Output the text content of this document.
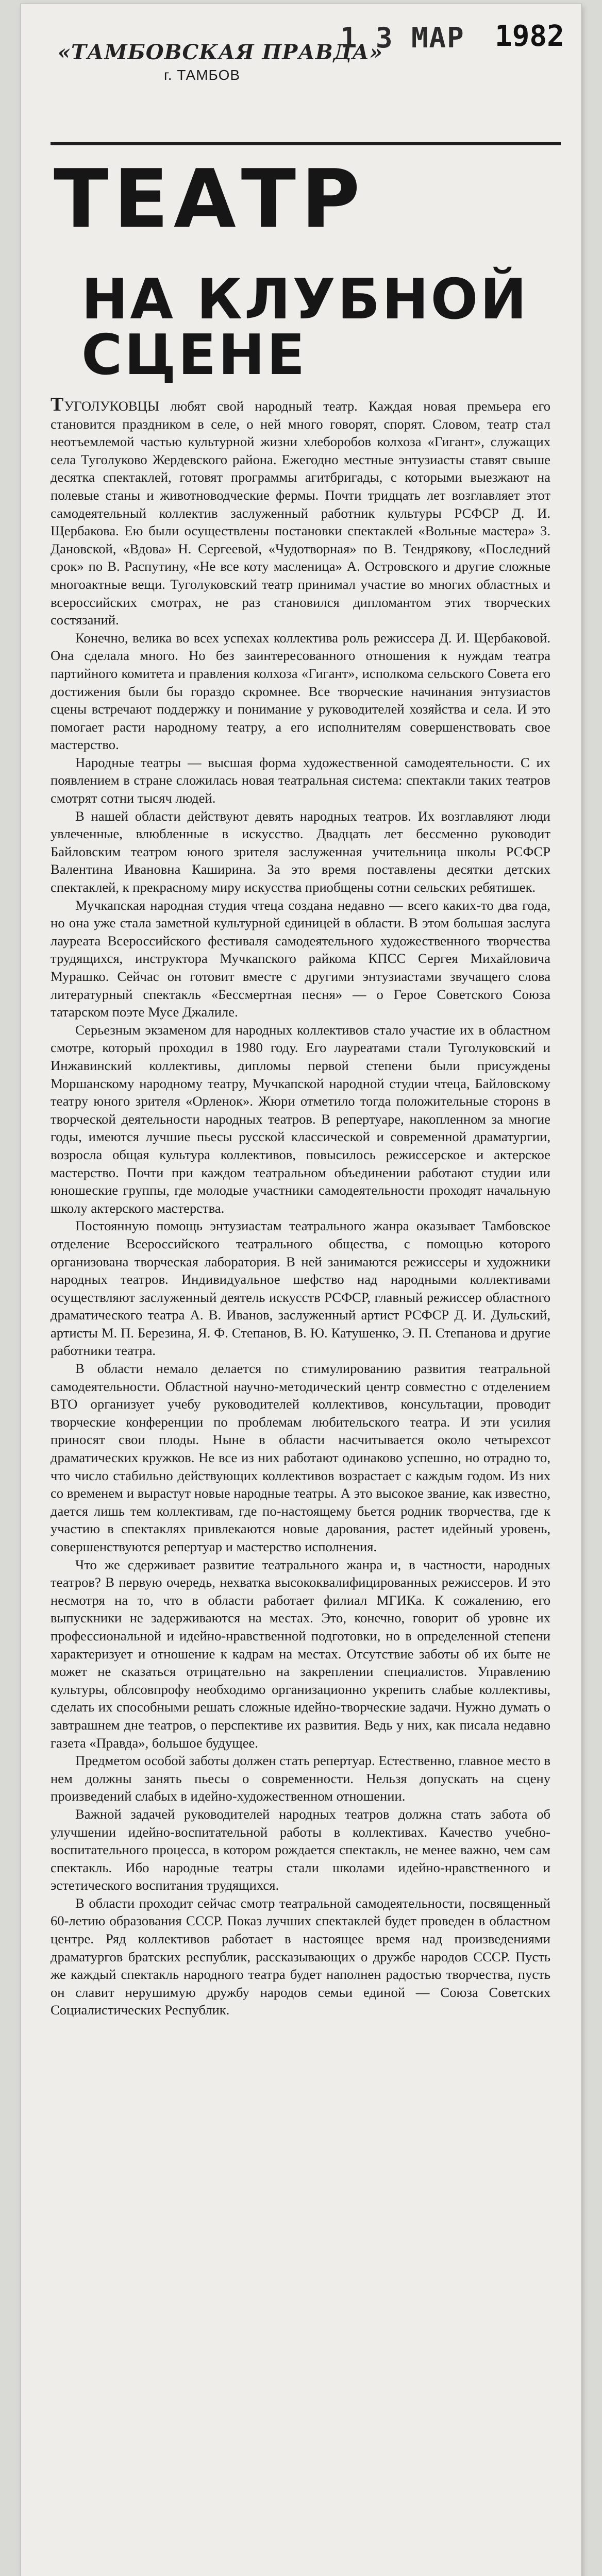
«ТАМБОВСКАЯ ПРАВДА»
г. ТАМБОВ
1 3 МАР 1982
ТЕАТР
НА КЛУБНОЙ СЦЕНЕ

ТУГОЛУКОВЦЫ любят свой народный театр. Каждая новая премьера его становится праздником в селе, о ней много говорят, спорят. Словом, театр стал неотъемлемой частью культурной жизни хлеборобов колхоза «Гигант», служащих села Туголуково Жердевского района. Ежегодно местные энтузиасты ставят свыше десятка спектаклей, готовят программы агитбригады, с которыми выезжают на полевые станы и животноводческие фермы. Почти тридцать лет возглавляет этот самодеятельный коллектив заслуженный работник культуры РСФСР Д. И. Щербакова. Ею были осуществлены постановки спектаклей «Вольные мастера» З. Дановской, «Вдова» Н. Сергеевой, «Чудотворная» по В. Тендрякову, «Последний срок» по В. Распутину, «Не все коту масленица» А. Островского и другие сложные многоактные вещи. Туголуковский театр принимал участие во многих областных и всероссийских смотрах, не раз становился дипломантом этих творческих состязаний.

Конечно, велика во всех успехах коллектива роль режиссера Д. И. Щербаковой. Она сделала много. Но без заинтересованного отношения к нуждам театра партийного комитета и правления колхоза «Гигант», исполкома сельского Совета его достижения были бы гораздо скромнее. Все творческие начинания энтузиастов сцены встречают поддержку и понимание у руководителей хозяйства и села. И это помогает расти народному театру, а его исполнителям совершенствовать свое мастерство.

Народные театры — высшая форма художественной самодеятельности. С их появлением в стране сложилась новая театральная система: спектакли таких театров смотрят сотни тысяч людей.

В нашей области действуют девять народных театров. Их возглавляют люди увлеченные, влюбленные в искусство. Двадцать лет бессменно руководит Байловским театром юного зрителя заслуженная учительница школы РСФСР Валентина Ивановна Каширина. За это время поставлены десятки детских спектаклей, к прекрасному миру искусства приобщены сотни сельских ребятишек.

Мучкапская народная студия чтеца создана недавно — всего каких-то два года, но она уже стала заметной культурной единицей в области. В этом большая заслуга лауреата Всероссийского фестиваля самодеятельного художественного творчества трудящихся, инструктора Мучкапского райкома КПСС Сергея Михайловича Мурашко. Сейчас он готовит вместе с другими энтузиастами звучащего слова литературный спектакль «Бессмертная песня» — о Герое Советского Союза татарском поэте Мусе Джалиле.

Серьезным экзаменом для народных коллективов стало участие их в областном смотре, который проходил в 1980 году. Его лауреатами стали Туголуковский и Инжавинский коллективы, дипломы первой степени были присуждены Моршанскому народному театру, Мучкапской народной студии чтеца, Байловскому театру юного зрителя «Орленок». Жюри отметило тогда положительные сторонs в творческой деятельности народных театров. В репертуаре, накопленном за многие годы, имеются лучшие пьесы русской классической и современной драматургии, возросла общая культура коллективов, повысилось режиссерское и актерское мастерство. Почти при каждом театральном объединении работают студии или юношеские группы, где молодые участники самодеятельности проходят начальную школу актерского мастерства.

Постоянную помощь энтузиастам театрального жанра оказывает Тамбовское отделение Всероссийского театрального общества, с помощью которого организована творческая лаборатория. В ней занимаются режиссеры и художники народных театров. Индивидуальное шефство над народными коллективами осуществляют заслуженный деятель искусств РСФСР, главный режиссер областного драматического театра А. В. Иванов, заслуженный артист РСФСР Д. И. Дульский, артисты М. П. Березина, Я. Ф. Степанов, В. Ю. Катушенко, Э. П. Степанова и другие работники театра.

В области немало делается по стимулированию развития театральной самодеятельности. Областной научно-методический центр совместно с отделением ВТО организует учебу руководителей коллективов, консультации, проводит творческие конференции по проблемам любительского театра. И эти усилия приносят свои плоды. Ныне в области насчитывается около четырехсот драматических кружков. Не все из них работают одинаково успешно, но отрадно то, что число стабильно действующих коллективов возрастает с каждым годом. Из них со временем и вырастут новые народные театры. А это высокое звание, как известно, дается лишь тем коллективам, где по-настоящему бьется родник творчества, где к участию в спектаклях привлекаются новые дарования, растет идейный уровень, совершенствуются репертуар и мастерство исполнения.

Что же сдерживает развитие театрального жанра и, в частности, народных театров? В первую очередь, нехватка высококвалифицированных режиссеров. И это несмотря на то, что в области работает филиал МГИКа. К сожалению, его выпускники не задерживаются на местах. Это, конечно, говорит об уровне их профессиональной и идейно-нравственной подготовки, но в определенной степени характеризует и отношение к кадрам на местах. Отсутствие заботы об их быте не может не сказаться отрицательно на закреплении специалистов. Управлению культуры, облсовпрофу необходимо организационно укрепить слабые коллективы, сделать их способными решать сложные идейно-творческие задачи. Нужно думать о завтрашнем дне театров, о перспективе их развития. Ведь у них, как писала недавно газета «Правда», большое будущее.

Предметом особой заботы должен стать репертуар. Естественно, главное место в нем должны занять пьесы о современности. Нельзя допускать на сцену произведений слабых в идейно-художественном отношении.

Важной задачей руководителей народных театров должна стать забота об улучшении идейно-воспитательной работы в коллективах. Качество учебно-воспитательного процесса, в котором рождается спектакль, не менее важно, чем сам спектакль. Ибо народные театры стали школами идейно-нравственного и эстетического воспитания трудящихся.

В области проходит сейчас смотр театральной самодеятельности, посвященный 60-летию образования СССР. Показ лучших спектаклей будет проведен в областном центре. Ряд коллективов работает в настоящее время над произведениями драматургов братских республик, рассказывающих о дружбе народов СССР. Пусть же каждый спектакль народного театра будет наполнен радостью творчества, пусть он славит нерушимую дружбу народов семьи единой — Союза Советских Социалистических Республик.
